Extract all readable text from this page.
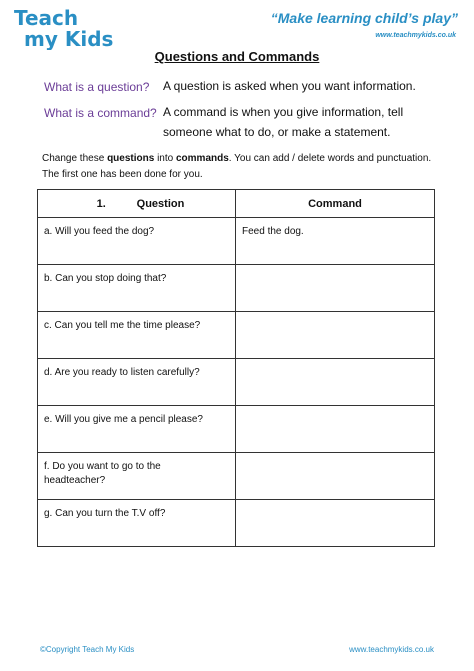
Teach
my Kids
“Make learning child’s play”
www.teachmykids.co.uk
Questions and Commands
What is a question? A question is asked when you want information.
What is a command? A command is when you give information, tell
someone what to do, or make a statement.
Change these questions into commands. You can add / delete words and punctuation.
The first one has been done for you.
1. Question	Command

a. Will you feed the dog?	Feed the dog.

b. Can you stop doing that?	

c. Can you tell me the time please?	

d. Are you ready to listen carefully?	

e. Will you give me a pencil please?	

f. Do you want to go to the headteacher?	

g. Can you turn the T.V off?	

©Copyright Teach My Kids	www.teachmykids.co.uk
